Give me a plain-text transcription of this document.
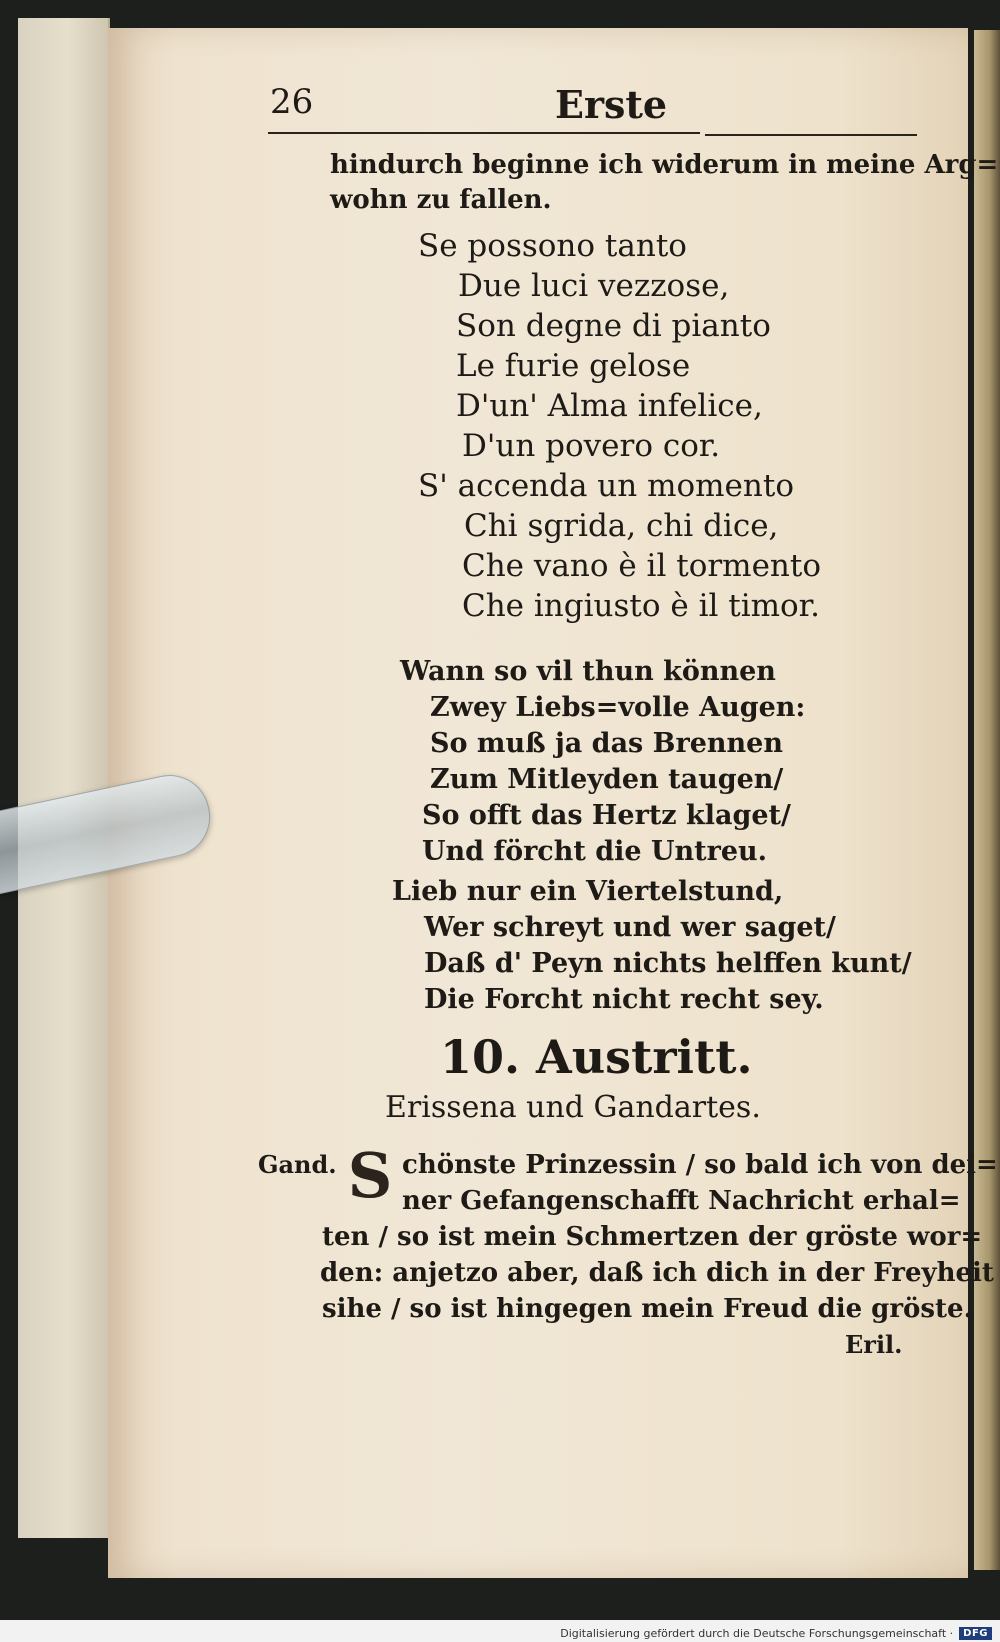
26	Erste
hindurch beginne ich widerum in meine Arg=
wohn zu fallen.
Se possono tanto
Due luci vezzose,
Son degne di pianto
Le furie gelose
D'un' Alma infelice,
D'un povero cor.
S' accenda un momento
Chi sgrida, chi dice,
Che vano è il tormento
Che ingiusto è il timor.
Wann so vil thun können
Zwey Liebs=volle Augen:
So muß ja das Brennen
Zum Mitleyden taugen/
So offt das Hertz klaget/
Und förcht die Untreu.
Lieb nur ein Viertelstund,
Wer schreyt und wer saget/
Daß d' Peyn nichts helffen kunt/
Die Forcht nicht recht sey.
10. Austritt.
Erissena und Gandartes.
Gand. S chönste Prinzessin / so bald ich von dei=
ner Gefangenschafft Nachricht erhal=
ten / so ist mein Schmertzen der gröste wor=
den: anjetzo aber, daß ich dich in der Freyheit
sihe / so ist hingegen mein Freud die gröste.
Eril.
Digitalisierung gefördert durch die Deutsche Forschungsgemeinschaft ·	DFG
